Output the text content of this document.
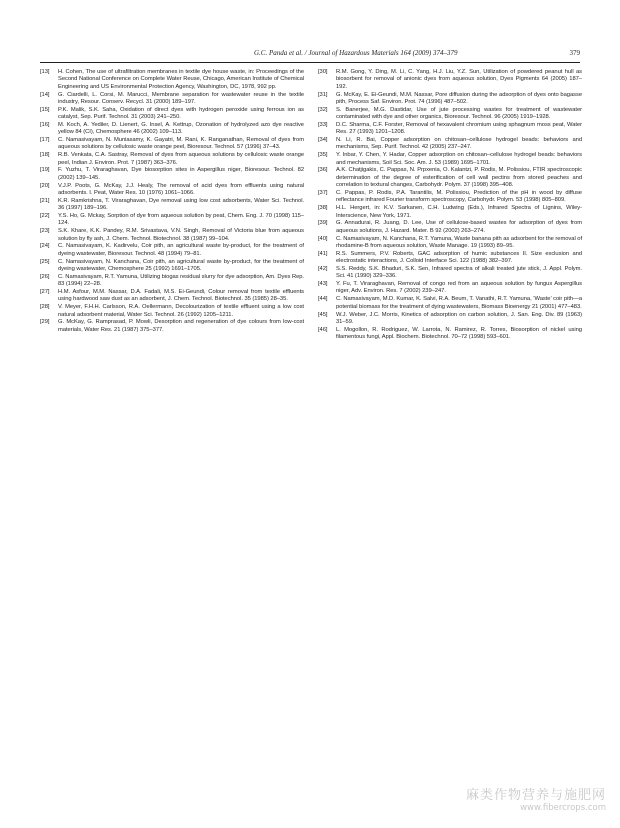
G.C. Panda et al. / Journal of Hazardous Materials 164 (2009) 374–379	379
[13] H. Cohen, The use of ultrafiltration membranes in textile dye house waste, in: Proceedings of the Second National Conference on Complete Water Reuse, Chicago, American Institute of Chemical Engineering and US Environmental Protection Agency, Washington, DC, 1978, 992 pp.
[14] G. Ciardelli, L. Corsi, M. Marucci, Membrane separation for wastewater reuse in the textile industry, Resour. Conserv. Recycl. 31 (2000) 189–197.
[15] P.K. Malik, S.K. Saha, Oxidation of direct dyes with hydrogen peroxide using ferrous ion as catalyst, Sep. Purif. Technol. 31 (2003) 241–250.
[16] M. Koch, A. Yediler, D. Lienert, G. Insel, A. Kettrup, Ozonation of hydrolyzed azo dye reactive yellow 84 (CI), Chemosphere 46 (2002) 109–113.
[17] C. Namasivayam, N. Muniasamy, K. Gayatri, M. Rani, K. Ranganathan, Removal of dyes from aqueous solutions by cellulosic waste orange peel, Bioresour. Technol. 57 (1996) 37–43.
[18] R.B. Venkata, C.A. Sastray, Removal of dyes from aqueous solutions by cellulosic waste orange peel, Indian J. Environ. Prot. 7 (1987) 363–376.
[19] F. Yuzhu, T. Viraraghavan, Dye biosorption sites in Aspergillus niger, Bioresour. Technol. 82 (2002) 139–145.
[20] V.J.P. Poots, G. McKay, J.J. Healy, The removal of acid dyes from effluents using natural adsorbents. I. Peat, Water Res. 10 (1976) 1061–1066.
[21] K.R. Ramkrishna, T. Viraraghavan, Dye removal using low cost adsorbents, Water Sci. Technol. 36 (1997) 189–196.
[22] Y.S. Ho, G. Mckay, Sorption of dye from aqueous solution by peat, Chem. Eng. J. 70 (1998) 115–124.
[23] S.K. Khare, K.K. Pandey, R.M. Srivastava, V.N. Singh, Removal of Victoria blue from aqueous solution by fly ash, J. Chem. Technol. Biotechnol. 38 (1987) 99–104.
[24] C. Namasivayam, K. Kadirvelu, Coir pith, an agricultural waste by-product, for the treatment of dyeing wastewater, Bioresour. Technol. 48 (1994) 79–81.
[25] C. Namasivayam, N. Kanchana, Coir pith, an agricultural waste by-product, for the treatment of dyeing wastewater, Chemosphere 25 (1992) 1691–1705.
[26] C. Namasivayam, R.T. Yamuna, Utilizing biogas residual slurry for dye adsorption, Am. Dyes Rep. 83 (1994) 22–28.
[27] H.M. Asfour, M.M. Nassar, D.A. Fadali, M.S. Ei-Geundi, Colour removal from textile effluents using hardwood saw dust as an adsorbent, J. Chem. Technol. Biotechnol. 35 (1985) 28–35.
[28] V. Meyer, F.H.H. Carlsson, R.A. Oellermann, Decolourization of textile effluent using a low cost natural adsorbent material, Water Sci. Technol. 26 (1992) 1205–1211.
[29] G. McKay, G. Ramprasad, P. Mowli, Desorption and regeneration of dye colours from low-cost materials, Water Res. 21 (1987) 375–377.
[30] R.M. Gong, Y. Ding, M. Li, C. Yang, H.J. Liu, Y.Z. Sun, Utilization of powdered peanut hull as biosorbent for removal of anionic dyes from aqueous solution, Dyes Pigments 64 (2005) 187–192.
[31] G. McKay, E. Ei-Geundi, M.M. Nassar, Pore diffusion during the adsorption of dyes onto bagasse pith, Process Saf. Environ. Prot. 74 (1996) 487–502.
[32] S. Banerjee, M.G. Dastidar, Use of jute processing wastes for treatment of wastewater contaminated with dye and other organics, Bioresour. Technol. 96 (2005) 1919–1928.
[33] D.C. Sharma, C.F. Forster, Removal of hexavalent chromium using sphagnum moss peat, Water Res. 27 (1993) 1201–1208.
[34] N. Li, R. Bai, Copper adsorption on chitosan–cellulose hydrogel beads: behaviors and mechanisms, Sep. Purif. Technol. 42 (2005) 237–247.
[35] Y. Inbar, Y. Chen, Y. Hadar, Copper adsorption on chitosan–cellulose hydrogel beads: behaviors and mechanisms, Soil Sci. Soc. Am. J. 53 (1989) 1695–1701.
[36] A.K. Chatjigakis, C. Pappas, N. Prpxenia, O. Kalantzi, P. Rodis, M. Polissiou, FTIR spectroscopic determination of the degree of esterification of cell wall pectins from stored peaches and correlation to textural changes, Carbohydr. Polym. 37 (1998) 395–408.
[37] C. Pappas, P. Rodis, P.A. Tarantilis, M. Polissiou, Prediction of the pH in wood by diffuse reflectance infrared Fourier transform spectroscopy, Carbohydr. Polym. 53 (1998) 805–809.
[38] H.L. Hergert, in: K.V. Sarkanen, C.H. Ludwing (Eds.), Infrared Spectra of Lignins, Wiley-Interscience, New York, 1971.
[39] G. Annadurai, R. Juang, D. Lee, Use of cellulose-based wastes for adsorption of dyes from aqueous solutions, J. Hazard. Mater. B 92 (2002) 263–274.
[40] C. Namasivayam, N. Kanchana, R.T. Yamuna, Waste banana pith as adsorbent for the removal of rhodamine-B from aqueous solution, Waste Manage. 19 (1993) 89–95.
[41] R.S. Summers, P.V. Roberts, GAC adsorption of humic substances II. Size exclusion and electrostatic interactions, J. Colloid Interface Sci. 122 (1988) 382–397.
[42] S.S. Reddy, S.K. Bhaduri, S.K. Sen, Infrared spectra of alkali treated jute stick, J. Appl. Polym. Sci. 41 (1990) 329–336.
[43] Y. Fu, T. Viraraghavan, Removal of congo red from an aqueous solution by fungus Aspergillus niger, Adv. Environ. Res. 7 (2002) 239–247.
[44] C. Namasivayam, M.D. Kumar, K. Salvi, R.A. Beum, T. Vanathi, R.T. Yamuna, ‘Waste’ coir pith—a potential biomass for the treatment of dying wastewaters, Biomass Bioenergy 21 (2001) 477–483.
[45] W.J. Weber, J.C. Morris, Kinetics of adsorption on carbon solution, J. San. Eng. Div. 89 (1963) 31–59.
[46] L. Mogollon, R. Rodriguez, W. Larrota, N. Ramirez, R. Torres, Biosorption of nickel using filamentous fungi, Appl. Biochem. Biotechnol. 70–72 (1998) 593–601.
麻类作物营养与施肥网
www.fibercrops.com
